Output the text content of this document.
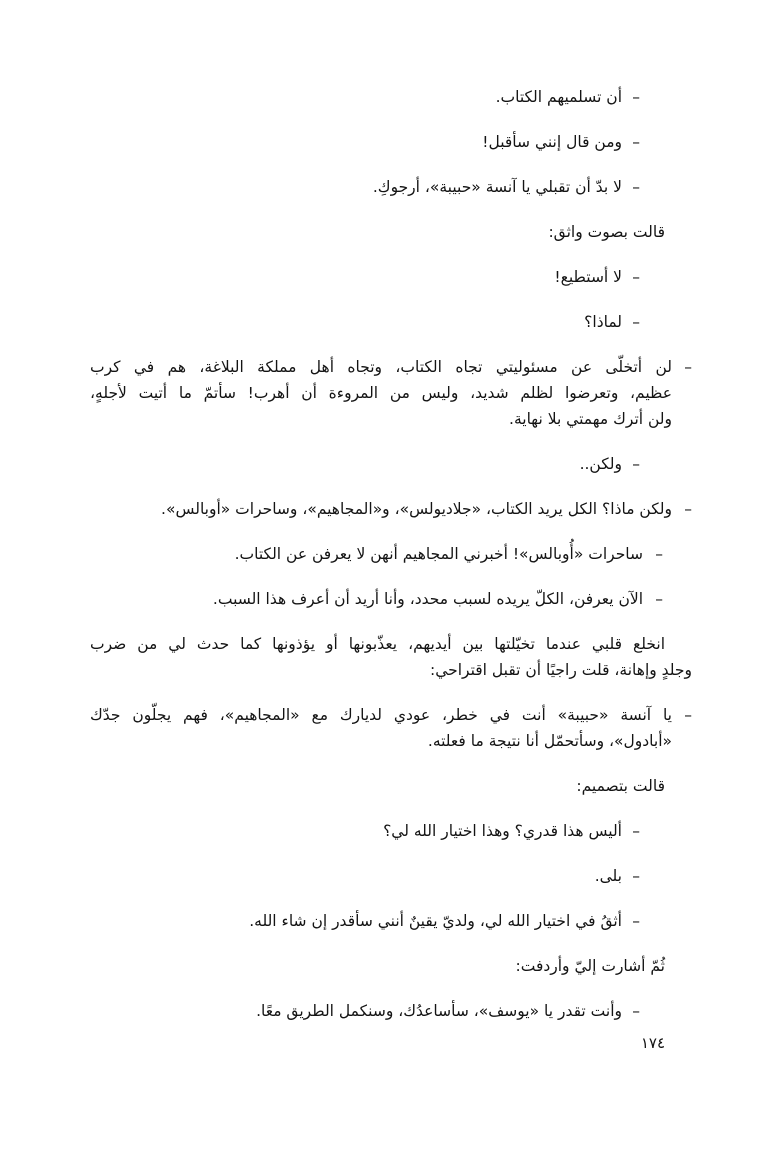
–
أن تسلميهم الكتاب.
–
ومن قال إنني سأقبل!
–
لا بدّ أن تقبلي يا آنسة «حبيبة»، أرجوكِ.
قالت بصوت واثق:
–
لا أستطيع!
–
لماذا؟
–
لن أتخلّى عن مسئوليتي تجاه الكتاب، وتجاه أهل مملكة البلاغة، هم في كرب
عظيم، وتعرضوا لظلم شديد، وليس من المروءة أن أهرب! سأتمّ ما أتيت لأجلهٍ،
ولن أترك مهمتي بلا نهاية.
–
ولكن..
–
ولكن ماذا؟ الكل يريد الكتاب، «جلاديولس»، و«المجاهيم»، وساحرات «أوبالس».
–
ساحرات «أُوبالس»! أخبرني المجاهيم أنهن لا يعرفن عن الكتاب.
–
الآن يعرفن، الكلّ يريده لسبب محدد، وأنا أريد أن أعرف هذا السبب.
انخلع قلبي عندما تخيّلتها بين أيديهم، يعذّبونها أو يؤذونها كما حدث لي من ضرب
وجلدٍ وإهانة، قلت راجيًا أن تقبل اقتراحي:
–
يا آنسة «حبيبة» أنت في خطر، عودي لديارك مع «المجاهيم»، فهم يجلّون جدّك
«أبادول»، وسأتحمّل أنا نتيجة ما فعلته.
قالت بتصميم:
–
أليس هذا قدري؟ وهذا اختيار الله لي؟
–
بلى.
–
أثقُ في اختيار الله لي، ولديّ يقينٌ أنني سأقدر إن شاء الله.
ثُمّ أشارت إليّ وأردفت:
–
وأنت تقدر يا «يوسف»، سأساعدُك، وسنكمل الطريق معًا.
١٧٤
